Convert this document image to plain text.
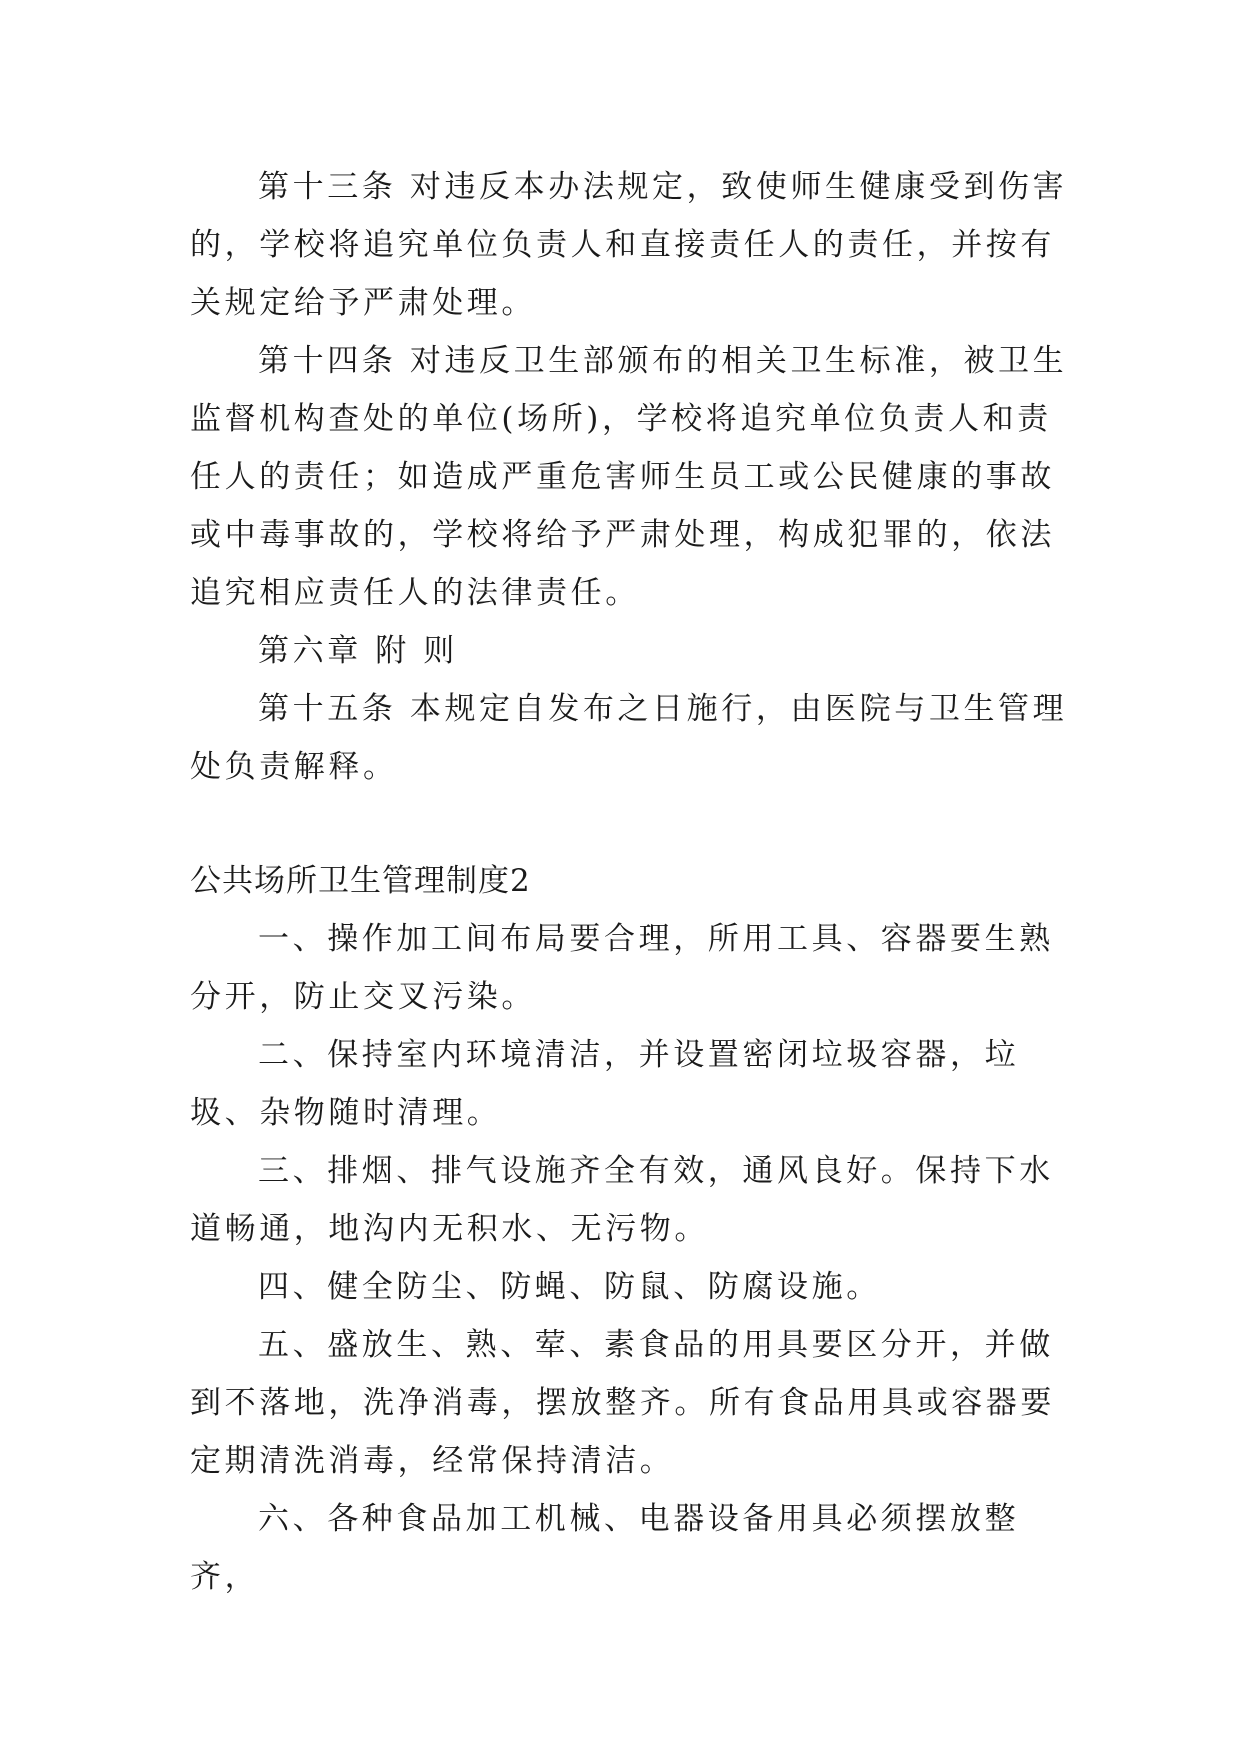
第十三条 对违反本办法规定，致使师生健康受到伤害的，学校将追究单位负责人和直接责任人的责任，并按有关规定给予严肃处理。

第十四条 对违反卫生部颁布的相关卫生标准，被卫生监督机构查处的单位(场所)，学校将追究单位负责人和责任人的责任；如造成严重危害师生员工或公民健康的事故或中毒事故的，学校将给予严肃处理，构成犯罪的，依法追究相应责任人的法律责任。

第六章 附 则

第十五条 本规定自发布之日施行，由医院与卫生管理处负责解释。

公共场所卫生管理制度2

一、操作加工间布局要合理，所用工具、容器要生熟分开，防止交叉污染。

二、保持室内环境清洁，并设置密闭垃圾容器，垃圾、杂物随时清理。

三、排烟、排气设施齐全有效，通风良好。保持下水道畅通，地沟内无积水、无污物。

四、健全防尘、防蝇、防鼠、防腐设施。

五、盛放生、熟、荤、素食品的用具要区分开，并做到不落地，洗净消毒，摆放整齐。所有食品用具或容器要定期清洗消毒，经常保持清洁。

六、各种食品加工机械、电器设备用具必须摆放整齐，
